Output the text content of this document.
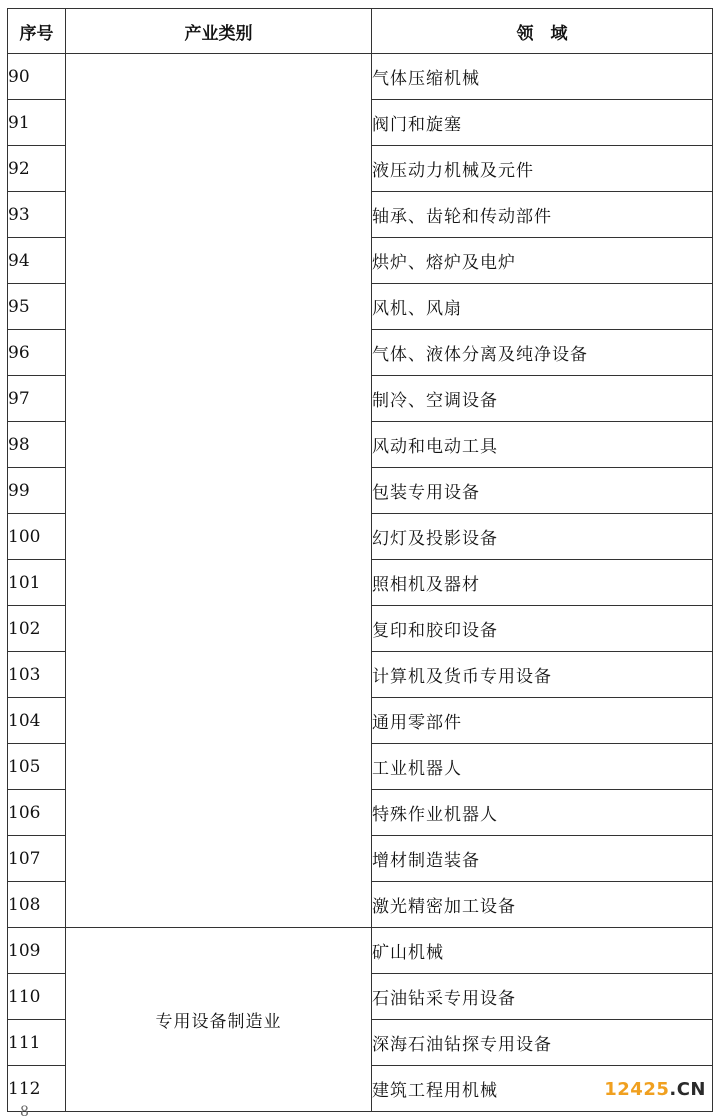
序号	产业类别	领　域
90		气体压缩机械
91		阀门和旋塞
92		液压动力机械及元件
93		轴承、齿轮和传动部件
94		烘炉、熔炉及电炉
95		风机、风扇
96		气体、液体分离及纯净设备
97		制冷、空调设备
98		风动和电动工具
99		包装专用设备
100		幻灯及投影设备
101		照相机及器材
102		复印和胶印设备
103		计算机及货币专用设备
104		通用零部件
105		工业机器人
106		特殊作业机器人
107		增材制造装备
108		激光精密加工设备
109	专用设备制造业	矿山机械
110		石油钻采专用设备
111		深海石油钻探专用设备
112		建筑工程用机械
8
12425.CN
